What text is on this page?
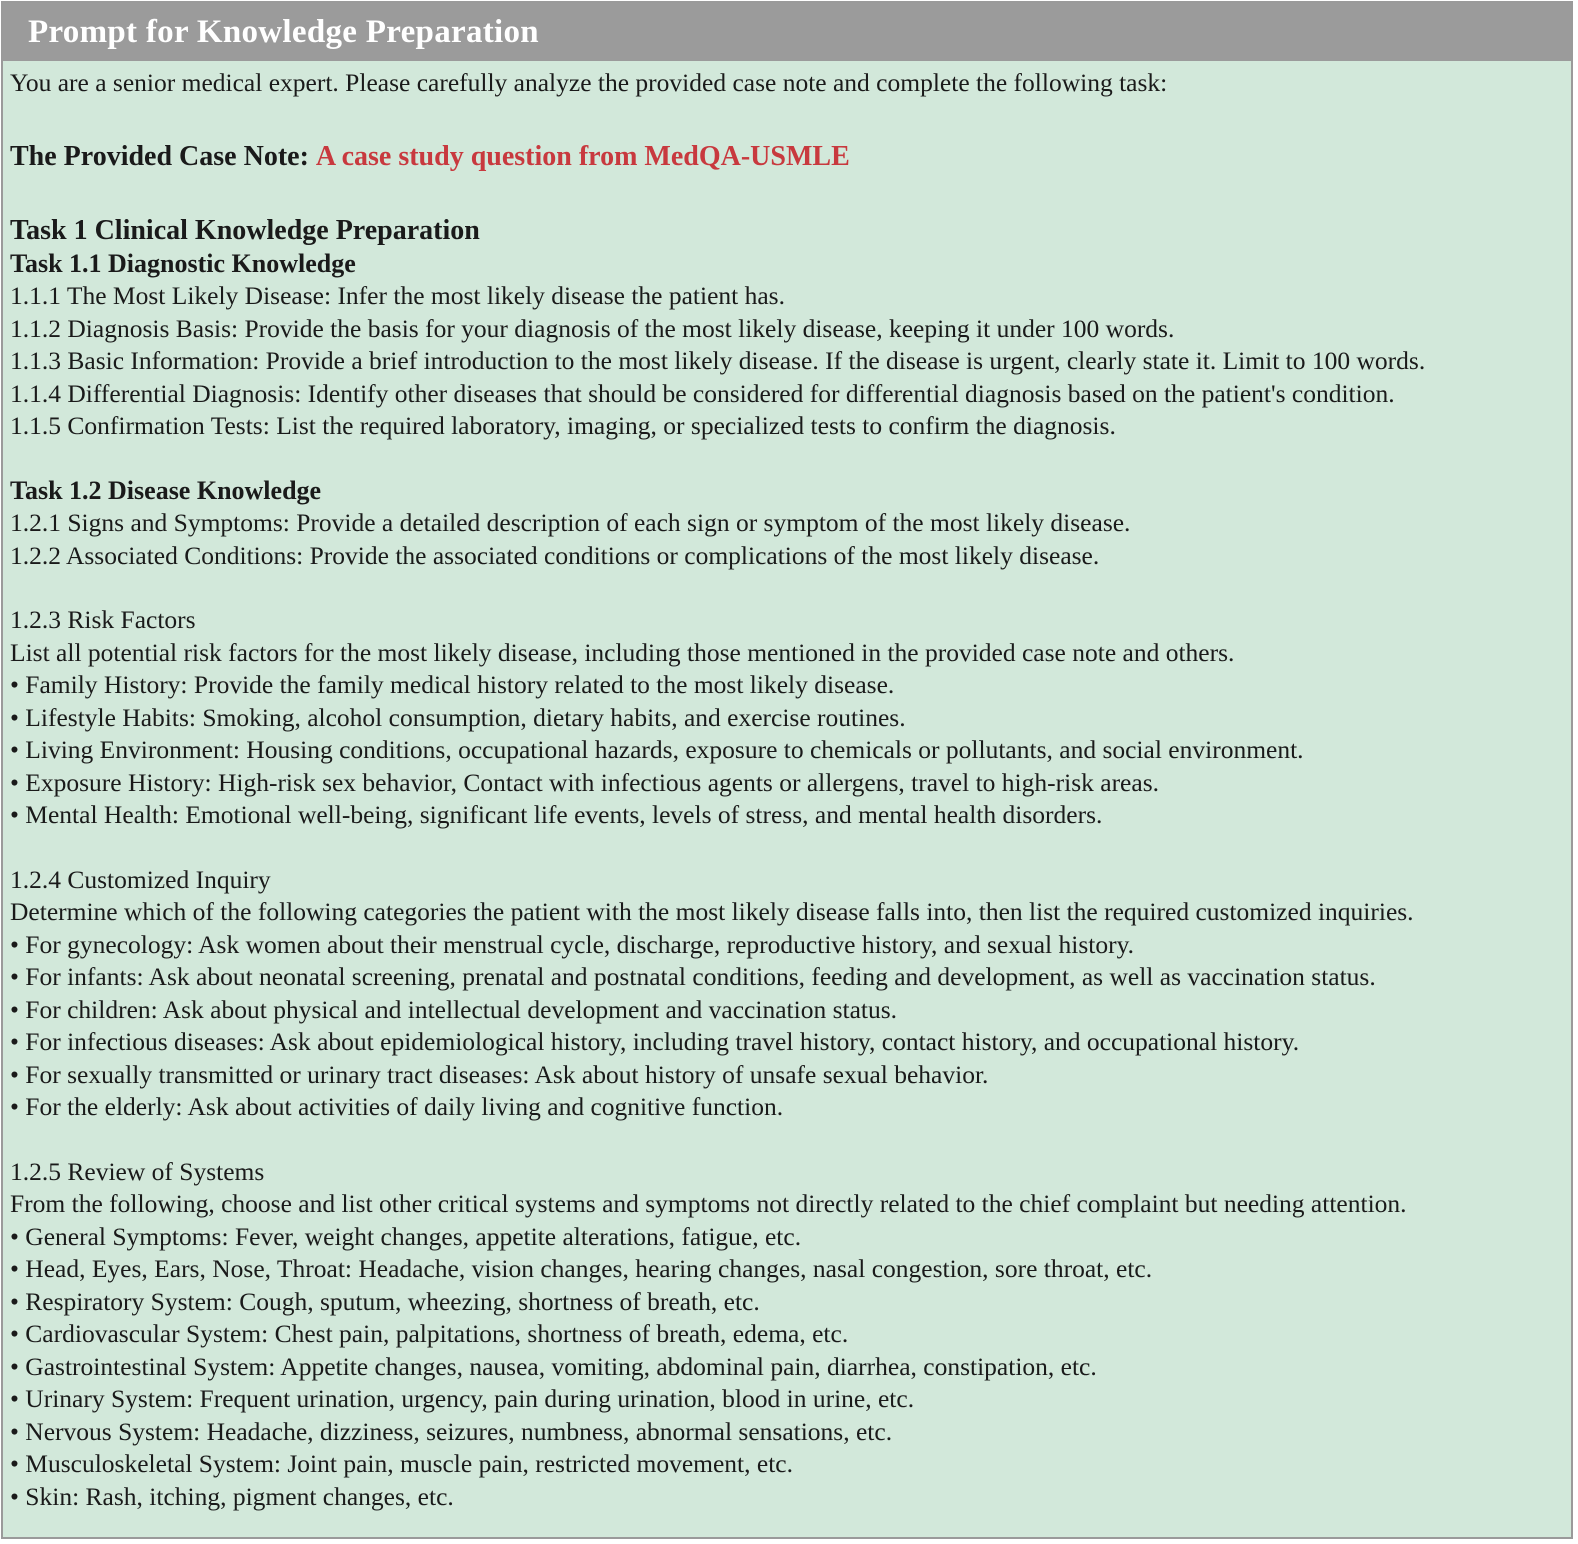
Prompt for Knowledge Preparation
You are a senior medical expert. Please carefully analyze the provided case note and complete the following task:
The Provided Case Note: A case study question from MedQA-USMLE
Task 1 Clinical Knowledge Preparation
Task 1.1 Diagnostic Knowledge
1.1.1 The Most Likely Disease: Infer the most likely disease the patient has.
1.1.2 Diagnosis Basis: Provide the basis for your diagnosis of the most likely disease, keeping it under 100 words.
1.1.3 Basic Information: Provide a brief introduction to the most likely disease. If the disease is urgent, clearly state it. Limit to 100 words.
1.1.4 Differential Diagnosis: Identify other diseases that should be considered for differential diagnosis based on the patient's condition.
1.1.5 Confirmation Tests: List the required laboratory, imaging, or specialized tests to confirm the diagnosis.
Task 1.2 Disease Knowledge
1.2.1 Signs and Symptoms: Provide a detailed description of each sign or symptom of the most likely disease.
1.2.2 Associated Conditions: Provide the associated conditions or complications of the most likely disease.
1.2.3 Risk Factors
List all potential risk factors for the most likely disease, including those mentioned in the provided case note and others.
• Family History: Provide the family medical history related to the most likely disease.
• Lifestyle Habits: Smoking, alcohol consumption, dietary habits, and exercise routines.
• Living Environment: Housing conditions, occupational hazards, exposure to chemicals or pollutants, and social environment.
• Exposure History: High-risk sex behavior, Contact with infectious agents or allergens, travel to high-risk areas.
• Mental Health: Emotional well-being, significant life events, levels of stress, and mental health disorders.
1.2.4 Customized Inquiry
Determine which of the following categories the patient with the most likely disease falls into, then list the required customized inquiries.
• For gynecology: Ask women about their menstrual cycle, discharge, reproductive history, and sexual history.
• For infants: Ask about neonatal screening, prenatal and postnatal conditions, feeding and development, as well as vaccination status.
• For children: Ask about physical and intellectual development and vaccination status.
• For infectious diseases: Ask about epidemiological history, including travel history, contact history, and occupational history.
• For sexually transmitted or urinary tract diseases: Ask about history of unsafe sexual behavior.
• For the elderly: Ask about activities of daily living and cognitive function.
1.2.5 Review of Systems
From the following, choose and list other critical systems and symptoms not directly related to the chief complaint but needing attention.
• General Symptoms: Fever, weight changes, appetite alterations, fatigue, etc.
• Head, Eyes, Ears, Nose, Throat: Headache, vision changes, hearing changes, nasal congestion, sore throat, etc.
• Respiratory System: Cough, sputum, wheezing, shortness of breath, etc.
• Cardiovascular System: Chest pain, palpitations, shortness of breath, edema, etc.
• Gastrointestinal System: Appetite changes, nausea, vomiting, abdominal pain, diarrhea, constipation, etc.
• Urinary System: Frequent urination, urgency, pain during urination, blood in urine, etc.
• Nervous System: Headache, dizziness, seizures, numbness, abnormal sensations, etc.
• Musculoskeletal System: Joint pain, muscle pain, restricted movement, etc.
• Skin: Rash, itching, pigment changes, etc.
